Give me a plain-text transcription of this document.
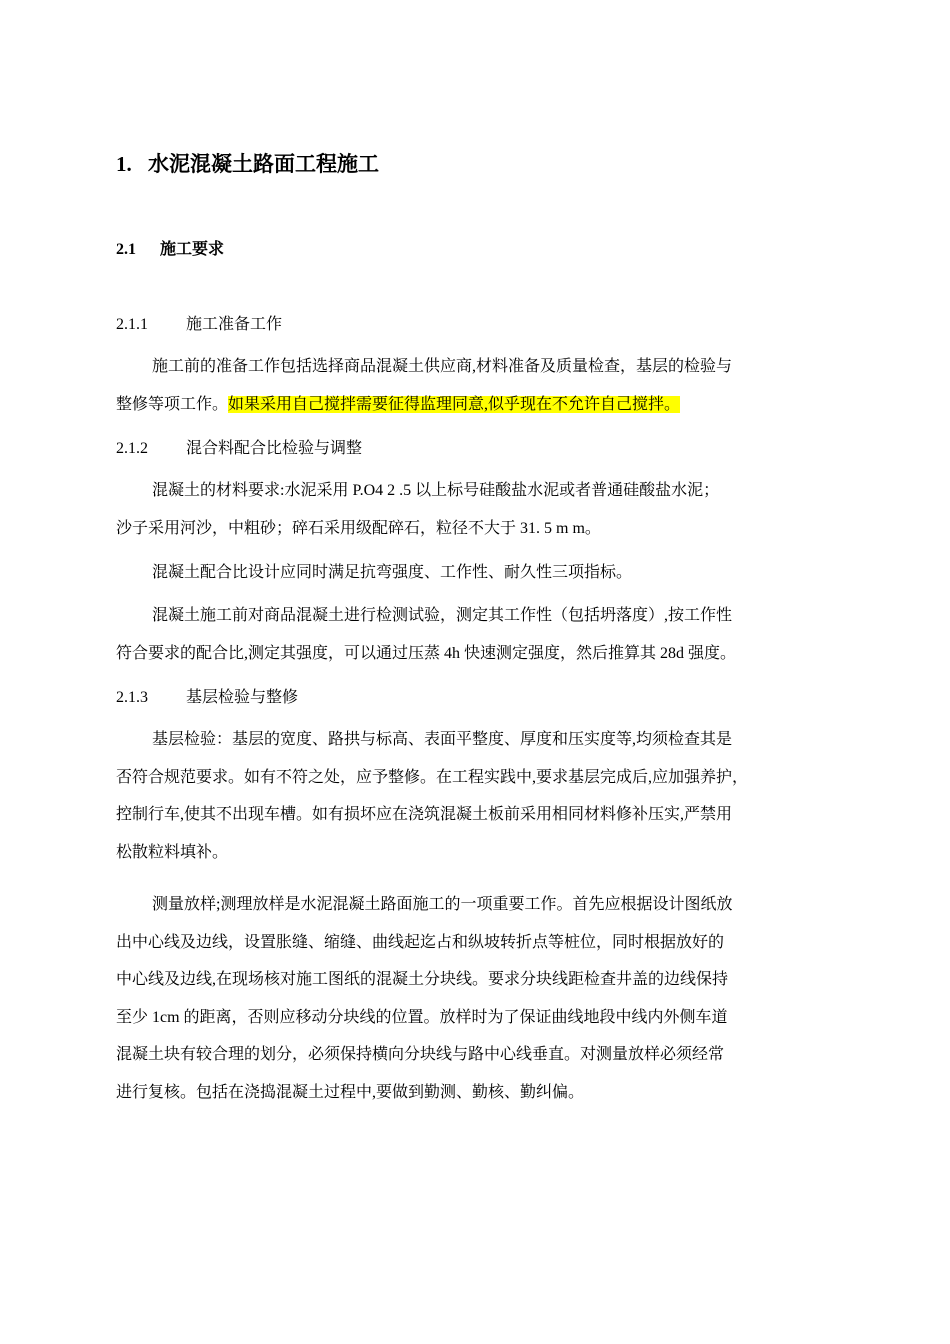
1. 水泥混凝土路面工程施工
2.1 施工要求
2.1.1 施工准备工作
施工前的准备工作包括选择商品混凝土供应商,材料准备及质量检查，基层的检验与
整修等项工作。如果采用自己搅拌需要征得监理同意,似乎现在不允许自己搅拌。
2.1.2 混合料配合比检验与调整
混凝土的材料要求:水泥采用 P.O4 2 .5 以上标号硅酸盐水泥或者普通硅酸盐水泥；
沙子采用河沙，中粗砂；碎石采用级配碎石，粒径不大于 31. 5 m m。
混凝土配合比设计应同时满足抗弯强度、工作性、耐久性三项指标。
混凝土施工前对商品混凝土进行检测试验，测定其工作性（包括坍落度）,按工作性
符合要求的配合比,测定其强度，可以通过压蒸 4h 快速测定强度，然后推算其 28d 强度。
2.1.3 基层检验与整修
基层检验：基层的宽度、路拱与标高、表面平整度、厚度和压实度等,均须检查其是
否符合规范要求。如有不符之处，应予整修。在工程实践中,要求基层完成后,应加强养护，
控制行车,使其不出现车槽。如有损坏应在浇筑混凝土板前采用相同材料修补压实,严禁用
松散粒料填补。
测量放样;测理放样是水泥混凝土路面施工的一项重要工作。首先应根据设计图纸放
出中心线及边线，设置胀缝、缩缝、曲线起迄占和纵坡转折点等桩位，同时根据放好的
中心线及边线,在现场核对施工图纸的混凝土分块线。要求分块线距检查井盖的边线保持
至少 1cm 的距离，否则应移动分块线的位置。放样时为了保证曲线地段中线内外侧车道
混凝土块有较合理的划分，必须保持横向分块线与路中心线垂直。对测量放样必须经常
进行复核。包括在浇捣混凝土过程中,要做到勤测、勤核、勤纠偏。
